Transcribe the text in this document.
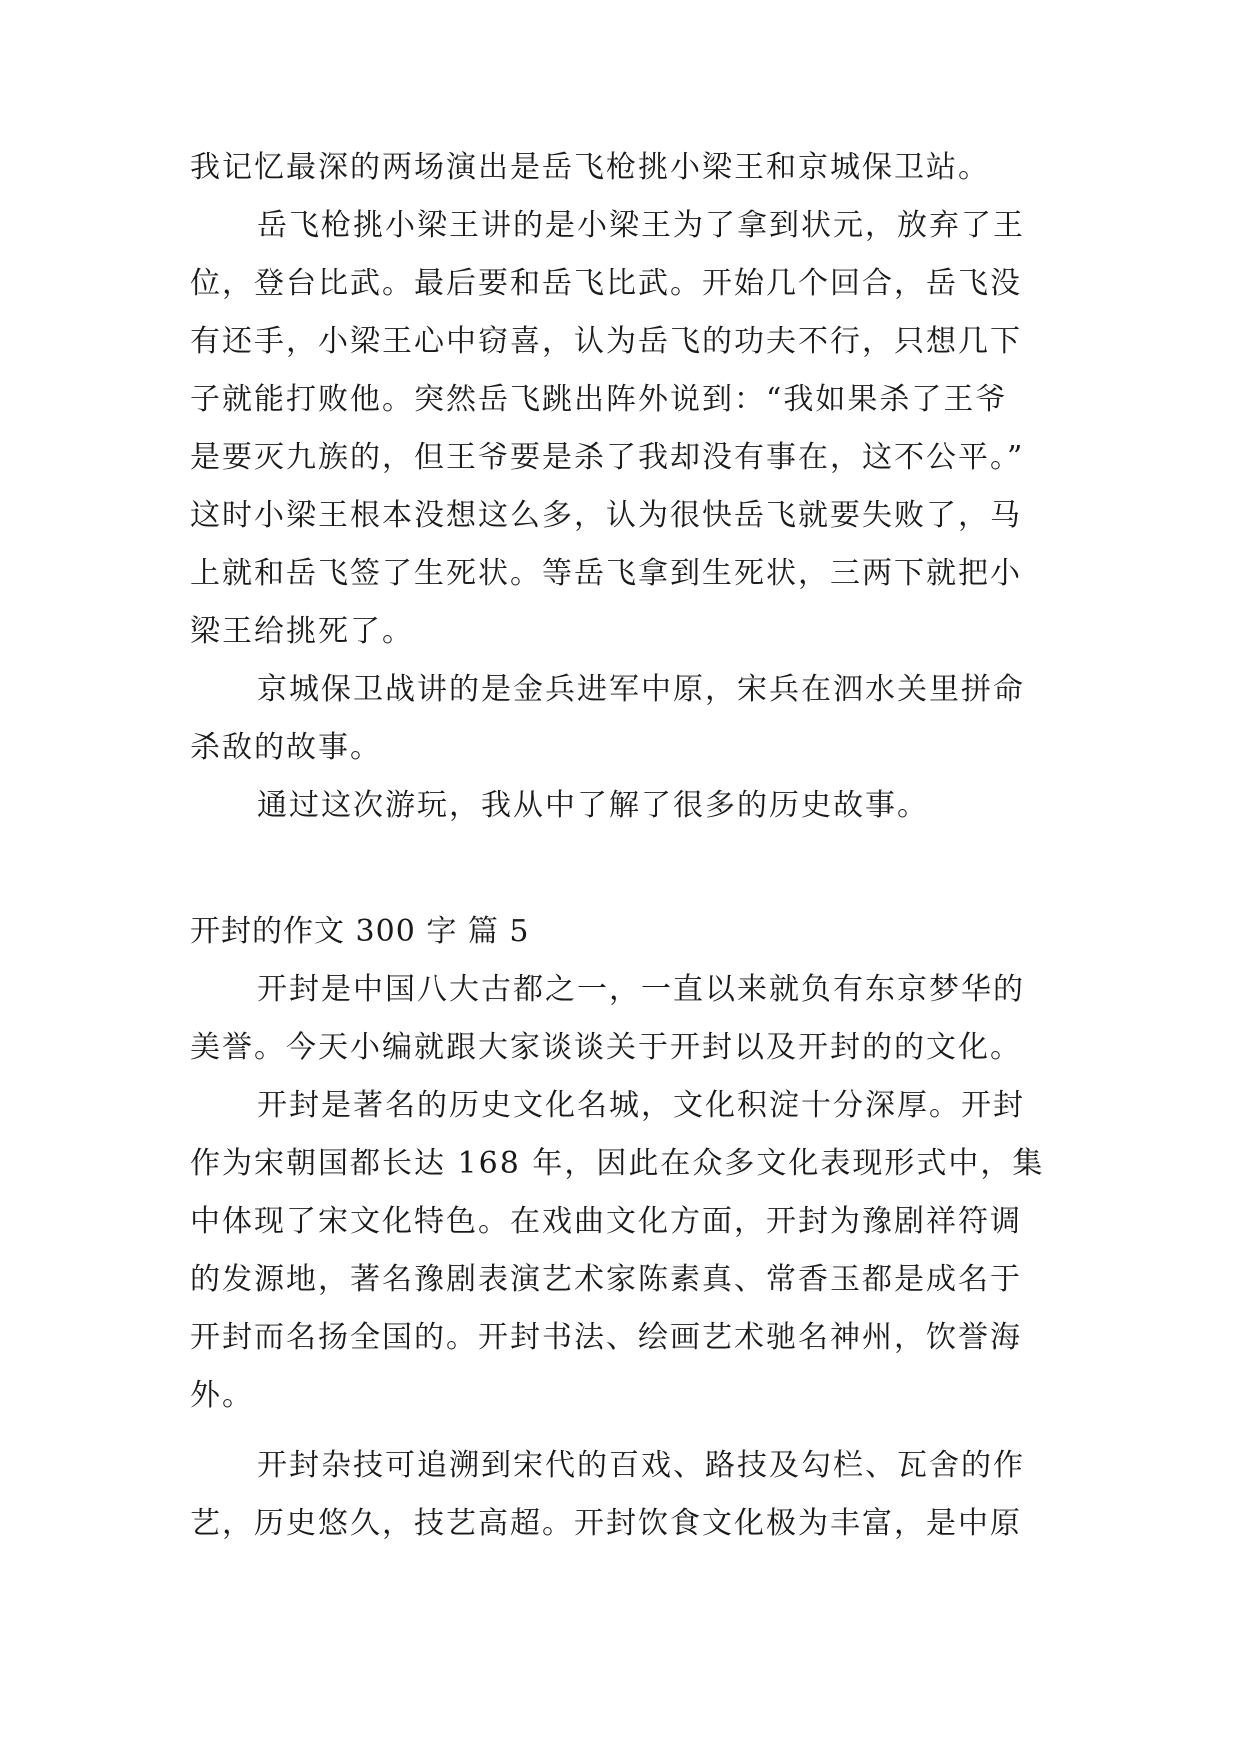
我记忆最深的两场演出是岳飞枪挑小梁王和京城保卫站。
岳飞枪挑小梁王讲的是小梁王为了拿到状元，放弃了王
位，登台比武。最后要和岳飞比武。开始几个回合，岳飞没
有还手，小梁王心中窃喜，认为岳飞的功夫不行，只想几下
子就能打败他。突然岳飞跳出阵外说到：“我如果杀了王爷
是要灭九族的，但王爷要是杀了我却没有事在，这不公平。”
这时小梁王根本没想这么多，认为很快岳飞就要失败了，马
上就和岳飞签了生死状。等岳飞拿到生死状，三两下就把小
梁王给挑死了。
京城保卫战讲的是金兵进军中原，宋兵在泗水关里拼命
杀敌的故事。
通过这次游玩，我从中了解了很多的历史故事。
开封的作文 300 字 篇 5
开封是中国八大古都之一，一直以来就负有东京梦华的
美誉。今天小编就跟大家谈谈关于开封以及开封的的文化。
开封是著名的历史文化名城，文化积淀十分深厚。开封
作为宋朝国都长达 168 年，因此在众多文化表现形式中，集
中体现了宋文化特色。在戏曲文化方面，开封为豫剧祥符调
的发源地，著名豫剧表演艺术家陈素真、常香玉都是成名于
开封而名扬全国的。开封书法、绘画艺术驰名神州，饮誉海
外。
开封杂技可追溯到宋代的百戏、路技及勾栏、瓦舍的作
艺，历史悠久，技艺高超。开封饮食文化极为丰富，是中原
